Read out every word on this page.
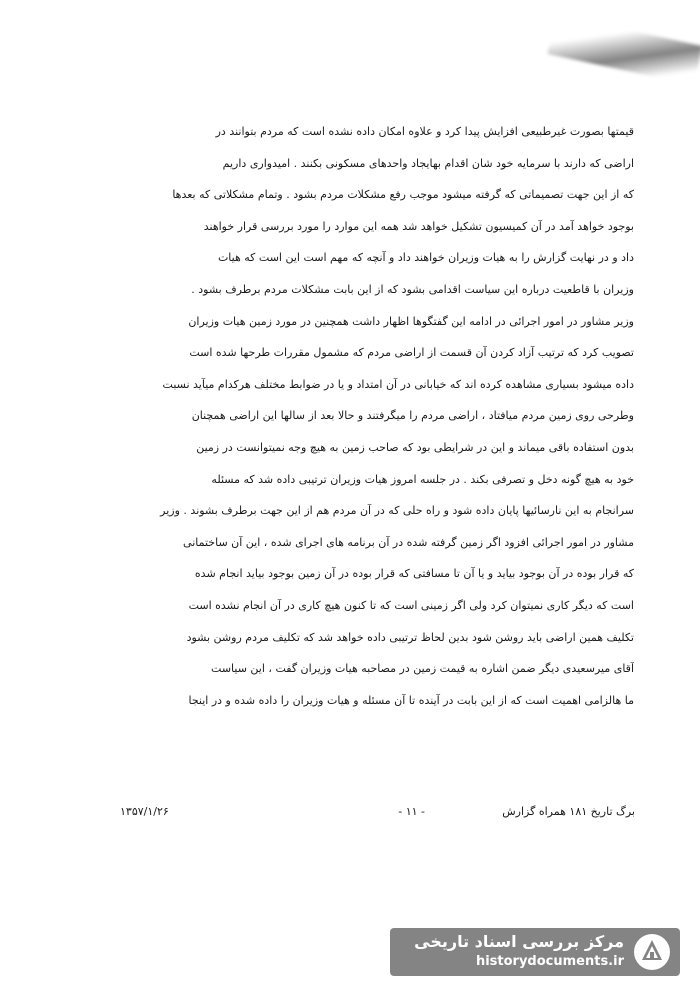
قیمتها بصورت غیرطبیعی افزایش پیدا کرد و علاوه امکان داده نشده است که مردم بتوانند در
اراضی که دارند با سرمایه خود شان اقدام بهایجاد واحدهای مسکونی بکنند . امیدواری داریم
که از این جهت تصمیماتی که گرفته میشود موجب رفع مشکلات مردم بشود . وتمام مشکلاتی که بعدها
بوجود خواهد آمد در آن کمیسیون تشکیل خواهد شد همه این موارد را مورد بررسی قرار خواهند
داد و در نهایت گزارش را به هیات وزیران خواهند داد و آنچه که مهم است این است که هیات
وزیران با قاطعیت درباره این سیاست اقدامی بشود که از این بابت مشکلات مردم برطرف بشود .
وزیر مشاور در امور اجرائی در ادامه این گفتگوها اظهار داشت همچنین در مورد زمین هیات وزیران
تصویب کرد که ترتیب آزاد کردن آن قسمت از اراضی مردم که مشمول مقررات طرحها شده است
داده میشود بسیاری مشاهده کرده اند که خیابانی در آن امتداد و یا در ضوابط مختلف هرکدام میآید نسبت
وطرحی روی زمین مردم میافتاد ، اراضی مردم را میگرفتند و حالا بعد از سالها این اراضی همچنان
بدون استفاده باقی میماند و این در شرایطی بود که صاحب زمین به هیچ وجه نمیتوانست در زمین
خود به هیچ گونه دخل و تصرفی بکند . در جلسه امروز هیات وزیران ترتیبی داده شد که مسئله
سرانجام به این نارسائیها پایان داده شود و راه حلی که در آن مردم هم از این جهت برطرف بشوند . وزیر
مشاور در امور اجرائی افزود اگر زمین گرفته شده در آن برنامه های اجرای شده ، این آن ساختمانی
که قرار بوده در آن بوجود بیاید و یا آن تا مسافتی که قرار بوده در آن زمین بوجود بیاید انجام شده
است که دیگر کاری نمیتوان کرد ولی اگر زمینی است که تا کنون هیچ کاری در آن انجام نشده است
تکلیف همین اراضی باید روشن شود بدین لحاظ ترتیبی داده خواهد شد که تکلیف مردم روشن بشود
آقای میرسعیدی دیگر ضمن اشاره به قیمت زمین در مصاحبه هیات وزیران گفت ، این سیاست
ما هالزامی اهمیت است که از این بابت در آینده تا آن مسئله و هیات وزیران را داده شده و در اینجا
برگ تاریخ ۱۸۱ همراه گزارش
- ۱۱ -
۱۳۵۷/۱/۲۶
مرکز بررسی اسناد تاریخی
historydocuments.ir
